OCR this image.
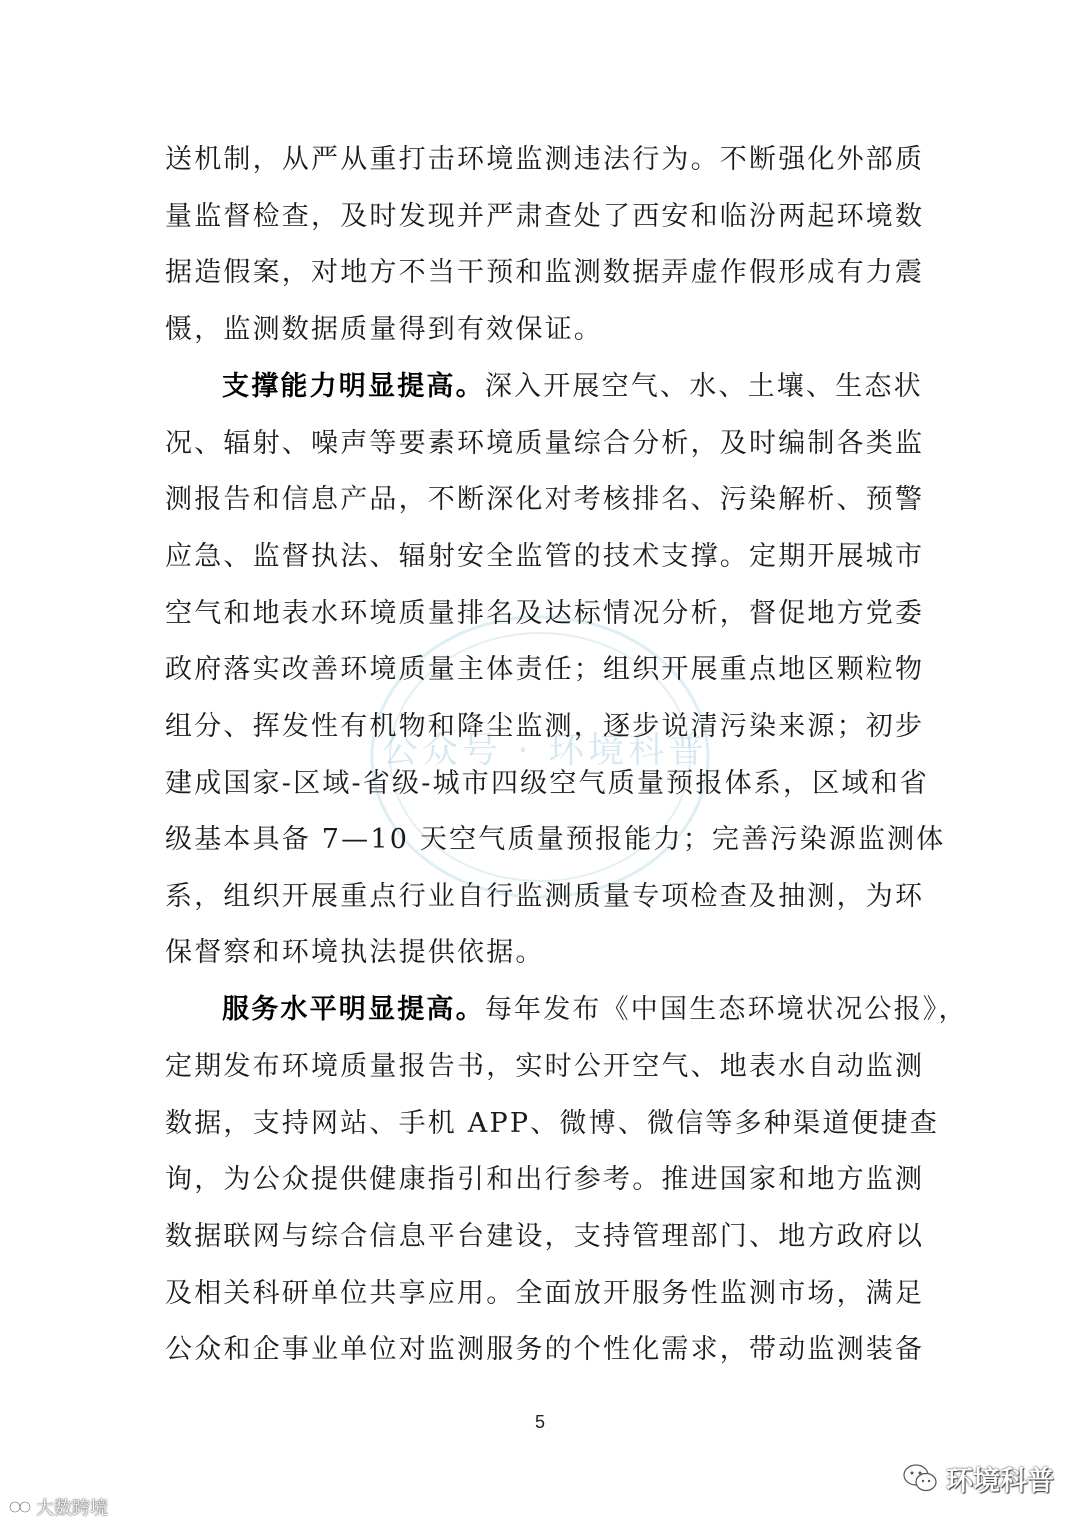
公众号 · 环境科普
送机制，从严从重打击环境监测违法行为。不断强化外部质
量监督检查，及时发现并严肃查处了西安和临汾两起环境数
据造假案，对地方不当干预和监测数据弄虚作假形成有力震
慑，监测数据质量得到有效保证。
支撑能力明显提高。深入开展空气、水、土壤、生态状
况、辐射、噪声等要素环境质量综合分析，及时编制各类监
测报告和信息产品，不断深化对考核排名、污染解析、预警
应急、监督执法、辐射安全监管的技术支撑。定期开展城市
空气和地表水环境质量排名及达标情况分析，督促地方党委
政府落实改善环境质量主体责任；组织开展重点地区颗粒物
组分、挥发性有机物和降尘监测，逐步说清污染来源；初步
建成国家-区域-省级-城市四级空气质量预报体系，区域和省
级基本具备 7—10 天空气质量预报能力；完善污染源监测体
系，组织开展重点行业自行监测质量专项检查及抽测，为环
保督察和环境执法提供依据。
服务水平明显提高。每年发布《中国生态环境状况公报》，
定期发布环境质量报告书，实时公开空气、地表水自动监测
数据，支持网站、手机 APP、微博、微信等多种渠道便捷查
询，为公众提供健康指引和出行参考。推进国家和地方监测
数据联网与综合信息平台建设，支持管理部门、地方政府以
及相关科研单位共享应用。全面放开服务性监测市场，满足
公众和企事业单位对监测服务的个性化需求，带动监测装备
5
大数跨境
环境科普
